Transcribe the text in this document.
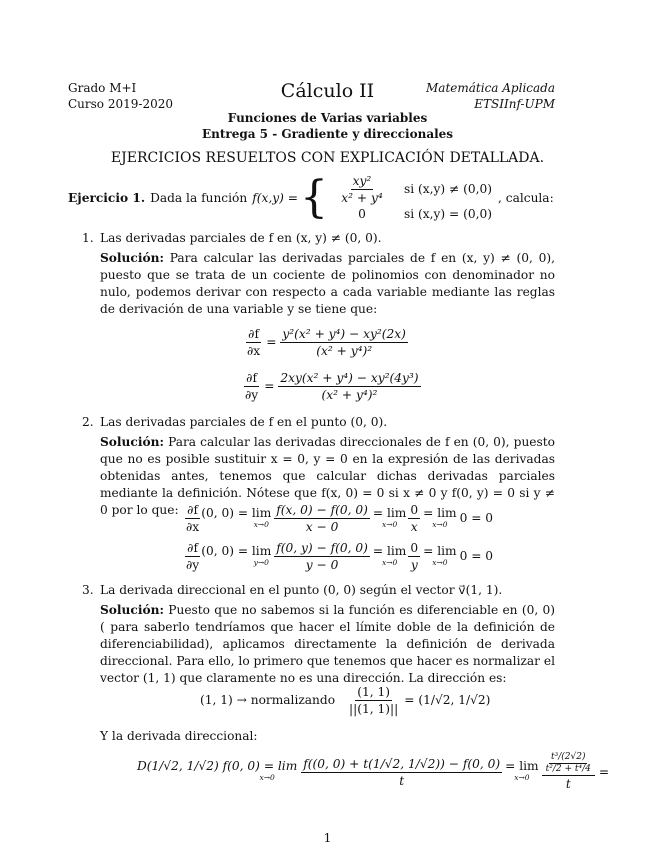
Grado M+I
Curso 2019-2020
Cálculo II	Matemática Aplicada
ETSIInf-UPM
Funciones de Varias variables
Entrega 5 - Gradiente y direccionales
EJERCICIOS RESUELTOS CON EXPLICACIÓN DETALLADA.
Ejercicio 1. Dada la función f(x,y) = { $\frac{\text{xy²}}{\text{x² + y⁴}}$ si (x,y) ≠ (0,0)
0	si (x,y) = (0,0)
, calcula:
1. Las derivadas parciales de f en (x, y) ≠ (0, 0).
Solución: Para calcular las derivadas parciales de f en (x, y) ≠ (0, 0), puesto que se trata de un cociente de polinomios con denominador no nulo, podemos derivar con respecto a cada variable mediante las reglas de derivación de una variable y se tiene que:
$\frac{\partial f}{\partial x} = \frac{\text{y²(x² + y⁴) − xy²(2x)}}{\text{(x² + y⁴)²}}$
$\frac{\partial f}{\partial y} = \frac{\text{2xy(x² + y⁴) − xy²(4y³)}}{\text{(x² + y⁴)²}}$
2. Las derivadas parciales de f en el punto (0, 0).
Solución: Para calcular las derivadas direccionales de f en (0, 0), puesto que no es posible sustituir x = 0, y = 0 en la expresión de las derivadas obtenidas antes, tenemos que calcular dichas derivadas parciales mediante la definición. Nótese que f(x, 0) = 0 si x ≠ 0 y f(0, y) = 0 si y ≠ 0 por lo que: $\frac{\partial f}{\partial x} (0$, 0) = lim
$x\to 0 \frac{f(x, 0) - f(0, 0)}{x - 0} = \lim$
$x\to 0 \frac{0}{x} = \lim$
x→0 0 = 0
$\frac{\partial f}{\partial y} (0$, 0) = lim
$y\to 0 \frac{f(0, y) - f(0, 0)}{y - 0} = \lim$
$x\to 0 \frac{0}{y} = \lim$
x→0 0 = 0
3. La derivada direccional en el punto (0, 0) según el vector v⃗(1, 1).
Solución: Puesto que no sabemos si la función es diferenciable en (0, 0) ( para saberlo tendríamos que hacer el límite doble de la definición de diferenciabilidad), aplicamos directamente la definición de derivada direccional. Para ello, lo primero que tenemos que hacer es normalizar el vector (1, 1) que claramente no es una dirección. La dirección es:
(1, 1) → normalizando $\frac{(1, 1)}{||(1, 1)||} = (1/√2$, 1/√2)
Y la derivada direccional:
D(1/√2, 1/√2) f(0, 0) = lim
$x\to 0 \frac{f((0, 0) + t(1/√2, 1/√2)) - f(0, 0)}{t} = \lim$
$x\to 0 \frac{\frac{\text{t³/(2√2)}}{\text{t²/2 + t⁴/4}}}{t}$ =
1
